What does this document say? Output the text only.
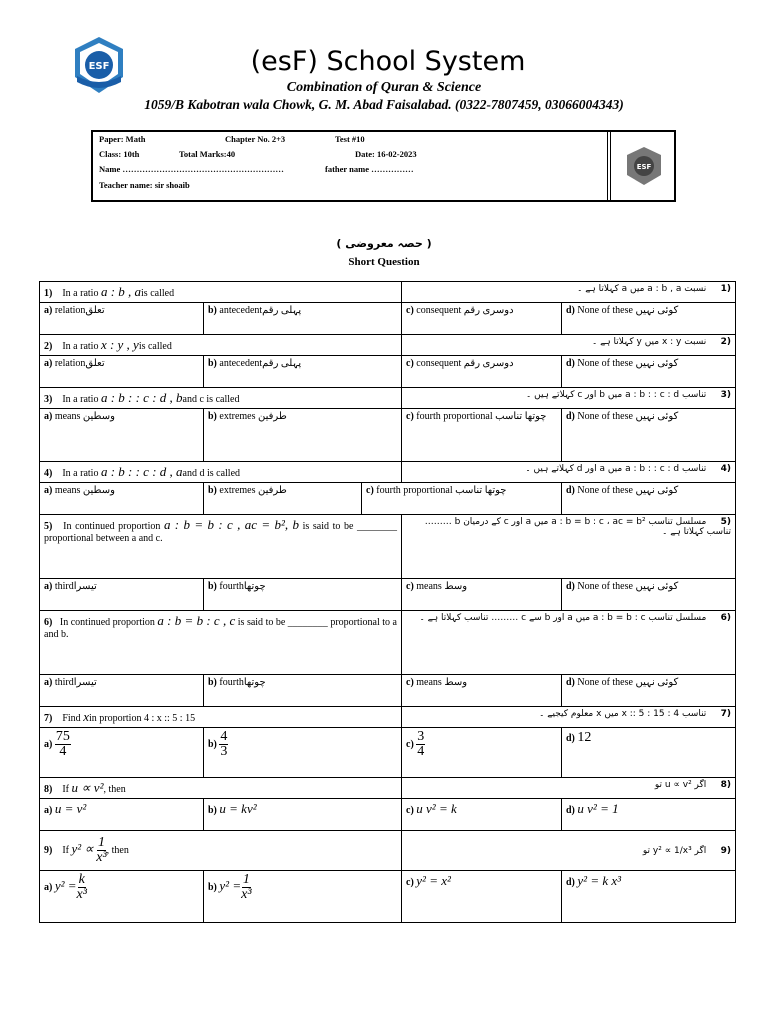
ESF	(esF) School System
Combination of Quran & Science
1059/B Kabotran wala Chowk, G. M. Abad Faisalabad. (0322-7807459, 03066004343)
Paper: Math	Chapter No. 2+3	Test #10
Class: 10th	Total Marks:40	Date: 16-02-2023
Name …………………………………………………	father name ……………
Teacher name: sir shoaib
ESF
( حصہ معروضی )
Short Question
1) In a ratio a : b , ais called			(1     نسبت a : b , a میں a کہلاتا ہے ۔	
a) relationتعلق	b) antecedentپہلی رقم		c) consequent دوسری رقم	d) None of these کوئی نہیں
2) In a ratio x : y , yis called			(2     نسبت x : y میں y کہلاتا ہے ۔	
a) relationتعلق	b) antecedentپہلی رقم		c) consequent دوسری رقم	d) None of these کوئی نہیں
3) In a ratio a : b : : c : d , band c is called			(3     تناسب a : b : : c : d میں b اور c کہلاتے ہیں ۔	
a) means وسطین	b) extremes طرفین		c) fourth proportional چوتھا تناسب	d) None of these کوئی نہیں
4) In a ratio a : b : : c : d , aand d is called			(4     تناسب a : b : : c : d میں a اور d کہلاتے ہیں ۔	
a) means وسطین	b) extremes طرفین	c) fourth proportional چوتھا تناسب		d) None of these کوئی نہیں
5) In continued proportion a : b = b : c , ac = b², b is said to be ________ proportional between a and c.			(5     مسلسل تناسب a : b = b : c ، ac = b² میں a اور c کے درمیان b ……… تناسب کہلاتا ہے ۔	
a) thirdتیسرا	b) fourthچوتھا		c) means وسط	d) None of these کوئی نہیں
6) In continued proportion a : b = b : c , c is said to be ________ proportional to a and b.			(6     مسلسل تناسب a : b = b : c میں a اور b سے c ……… تناسب کہلاتا ہے ۔	
a) thirdتیسرا	b) fourthچوتھا		c) means وسط	d) None of these کوئی نہیں
7) Find xin proportion 4 : x :: 5 : 15			(7     تناسب 4 : x :: 5 : 15 میں x معلوم کیجیے ۔	
$a) \frac{75}{4}$	$b) \frac{4}{3}$		$c) \frac{3}{4}$	d) 12
8) If u ∝ v², then			(8     اگر u ∝ v² تو	
a) u = v²	b) u = kv²		c) u v² = k	d) u v² = 1
9) If $y^2 \propto \frac{1}{\text{x³}}$ , then			(9     اگر y² ∝ 1/x³ تو	
a) $y^2 = \frac{k}{\text{x³}}$	b) $y^2 = \frac{1}{\text{x³}}$		c) y² = x²	d) y² = k x³
